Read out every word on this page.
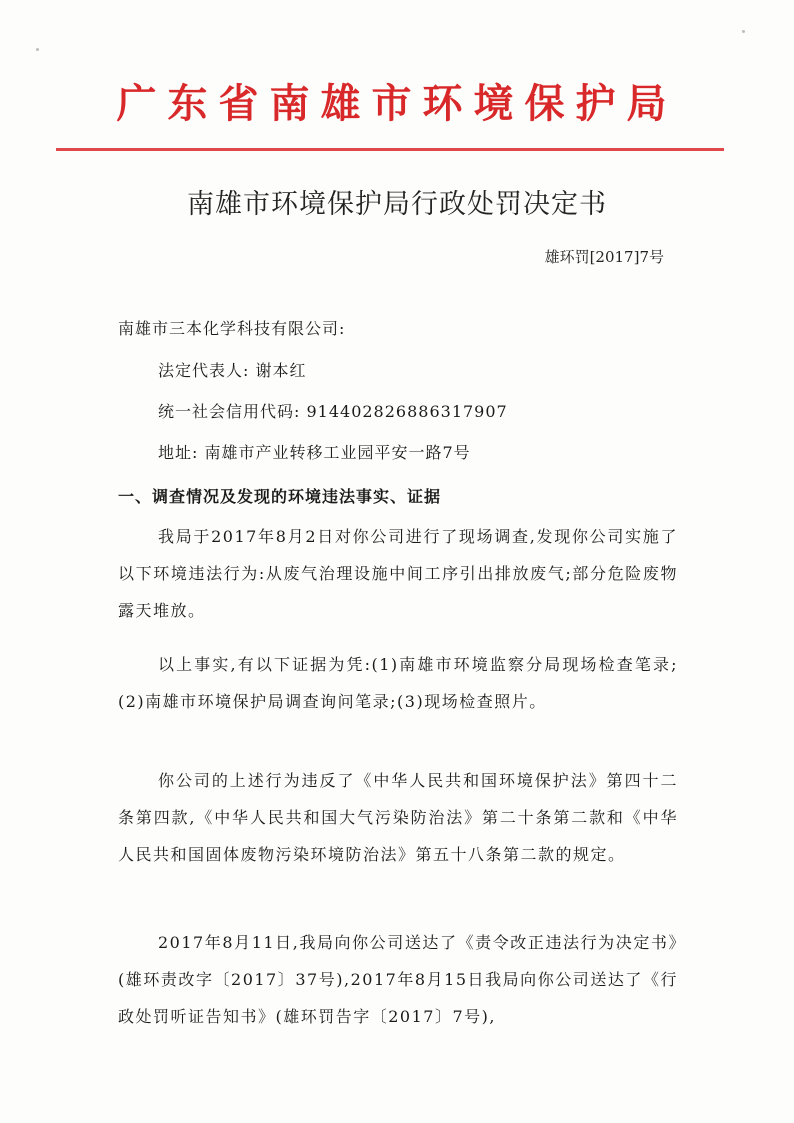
广东省南雄市环境保护局
南雄市环境保护局行政处罚决定书
雄环罚[2017]7号
南雄市三本化学科技有限公司:
法定代表人: 谢本红
统一社会信用代码: 914402826886317907
地址: 南雄市产业转移工业园平安一路7号
一、调查情况及发现的环境违法事实、证据
我局于2017年8月2日对你公司进行了现场调查,发现你公司实施了以下环境违法行为:从废气治理设施中间工序引出排放废气;部分危险废物露天堆放。
以上事实,有以下证据为凭:(1)南雄市环境监察分局现场检查笔录;(2)南雄市环境保护局调查询问笔录;(3)现场检查照片。
你公司的上述行为违反了《中华人民共和国环境保护法》第四十二条第四款,《中华人民共和国大气污染防治法》第二十条第二款和《中华人民共和国固体废物污染环境防治法》第五十八条第二款的规定。
2017年8月11日,我局向你公司送达了《责令改正违法行为决定书》(雄环责改字〔2017〕37号),2017年8月15日我局向你公司送达了《行政处罚听证告知书》(雄环罚告字〔2017〕7号),
